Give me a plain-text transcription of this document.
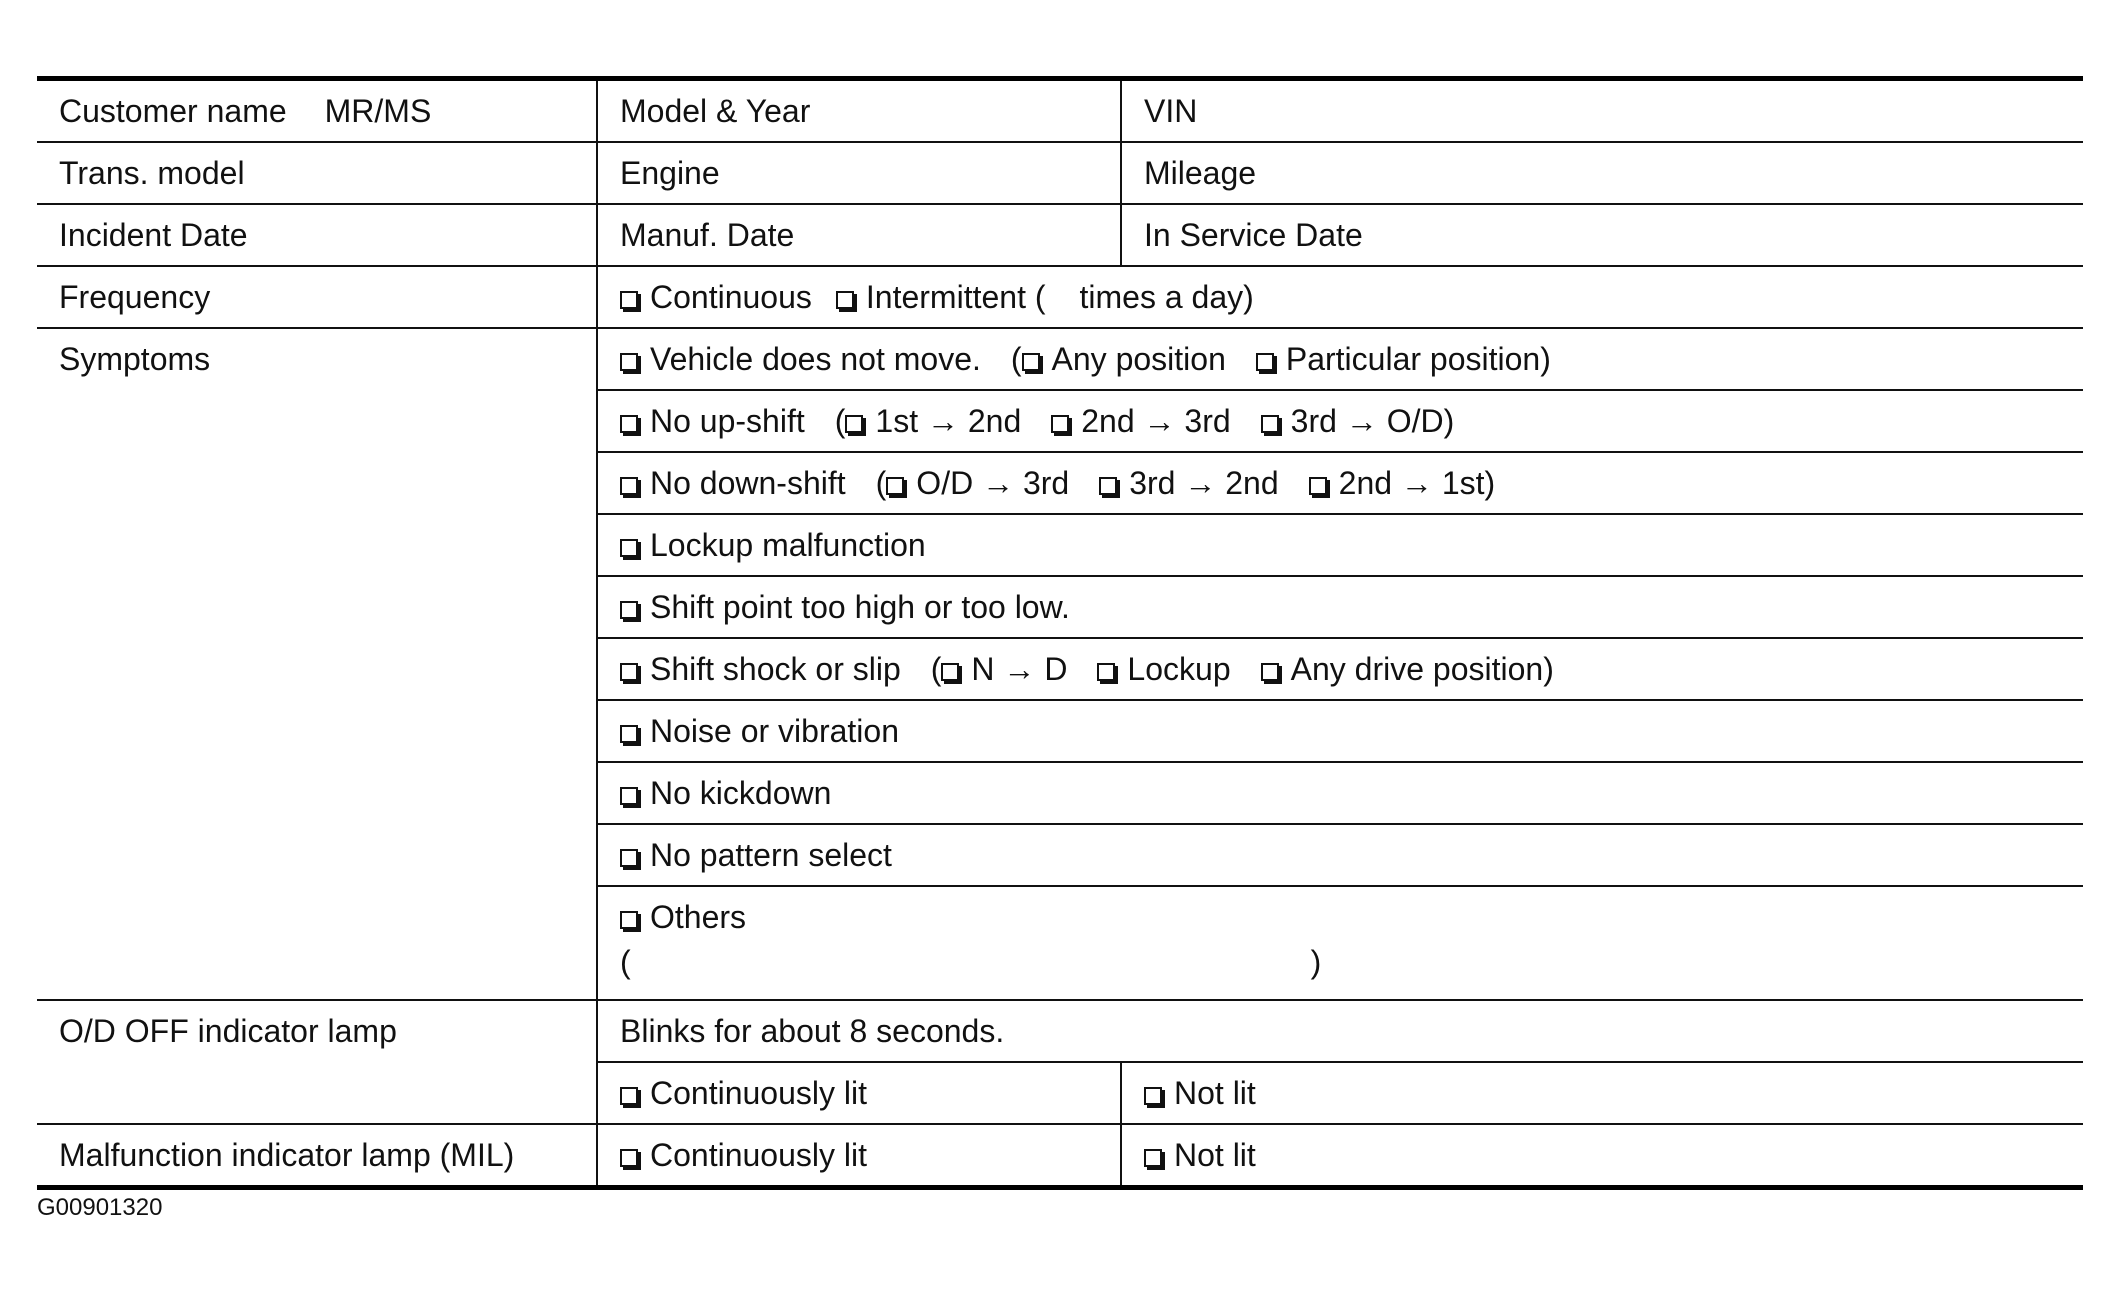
Customer name MR/MS	Model & Year	VIN
Trans. model	Engine	Mileage
Incident Date	Manuf. Date	In Service Date
Frequency	Continuous Intermittent ( times a day)	
Symptoms	Vehicle does not move. ( Any position Particular position)	
	No up-shift ( 1st → 2nd 2nd → 3rd 3rd → O/D)	
	No down-shift ( O/D → 3rd 3rd → 2nd 2nd → 1st)	
	Lockup malfunction	
	Shift point too high or too low.	
	Shift shock or slip ( N → D Lockup Any drive position)	
	Noise or vibration	
	No kickdown	
	No pattern select	
	Others
( )	

O/D OFF indicator lamp	Blinks for about 8 seconds.	
	Continuously lit	Not lit
Malfunction indicator lamp (MIL)	Continuously lit	Not lit
G00901320
